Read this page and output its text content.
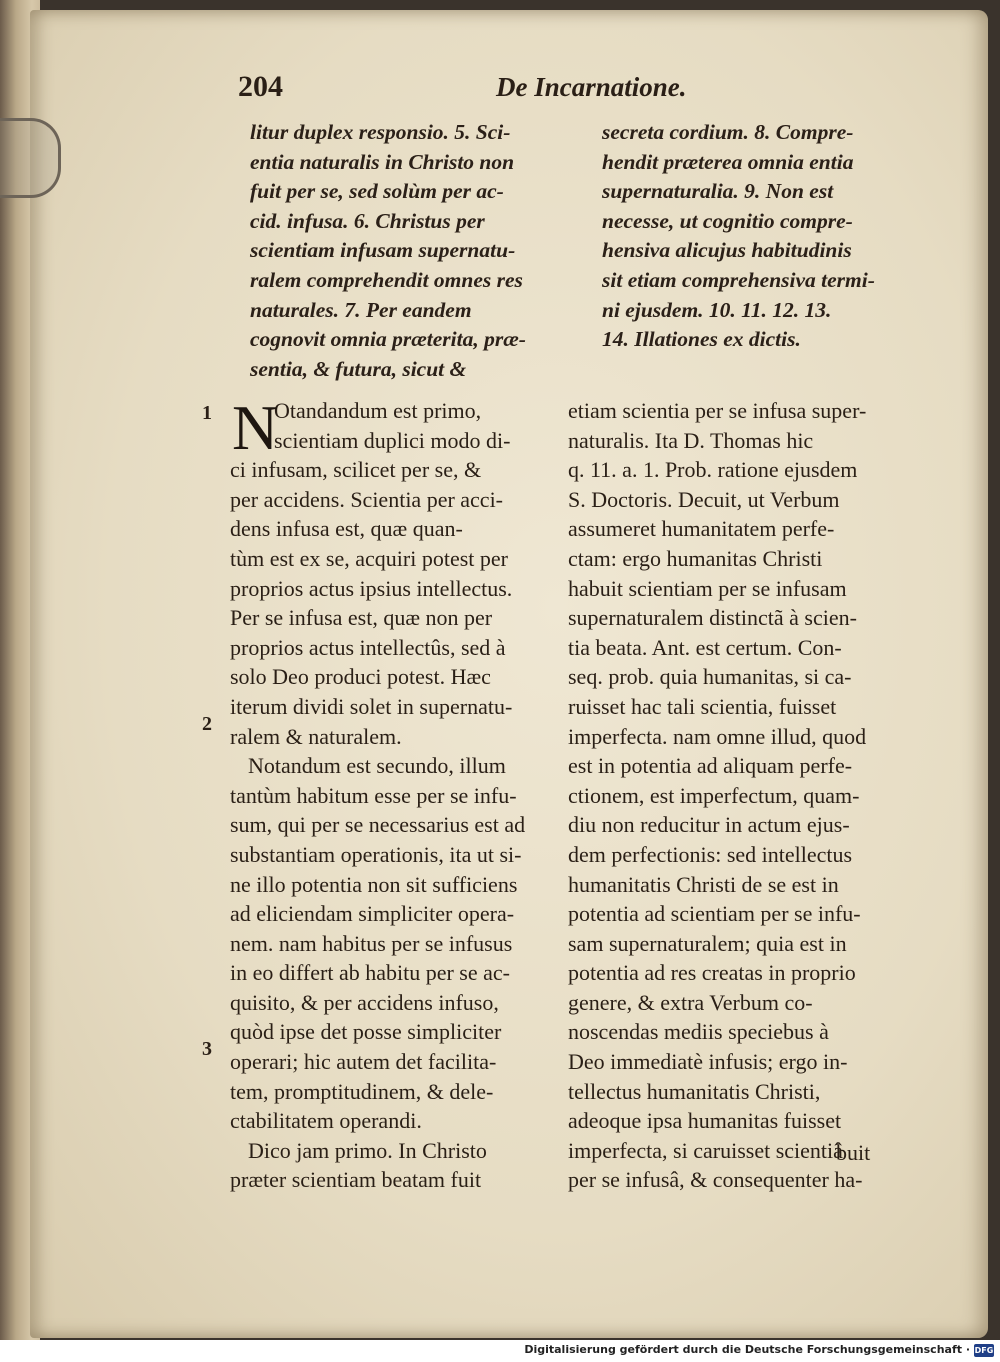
204	De Incarnatione.
litur duplex responsio. 5. Sci-
entia naturalis in Christo non
fuit per se, sed solùm per ac-
cid. infusa. 6. Christus per
scientiam infusam supernatu-
ralem comprehendit omnes res
naturales. 7. Per eandem
cognovit omnia præterita, præ-
sentia, & futura, sicut &
secreta cordium. 8. Compre-
hendit præterea omnia entia
supernaturalia. 9. Non est
necesse, ut cognitio compre-
hensiva alicujus habitudinis
sit etiam comprehensiva termi-
ni ejusdem. 10. 11. 12. 13.
14. Illationes ex dictis.
1
2
3
N
Otandandum est primo,
scientiam duplici modo di-
ci infusam, scilicet per se, &
per accidens. Scientia per acci-
dens infusa est, quæ quan-
tùm est ex se, acquiri potest per
proprios actus ipsius intellectus.
Per se infusa est, quæ non per
proprios actus intellectûs, sed à
solo Deo produci potest. Hæc
iterum dividi solet in supernatu-
ralem & naturalem.
Notandum est secundo, illum
tantùm habitum esse per se infu-
sum, qui per se necessarius est ad
substantiam operationis, ita ut si-
ne illo potentia non sit sufficiens
ad eliciendam simpliciter opera-
nem. nam habitus per se infusus
in eo differt ab habitu per se ac-
quisito, & per accidens infuso,
quòd ipse det posse simpliciter
operari; hic autem det facilita-
tem, promptitudinem, & dele-
ctabilitatem operandi.
Dico jam primo. In Christo
præter scientiam beatam fuit
etiam scientia per se infusa super-
naturalis. Ita D. Thomas hic
q. 11. a. 1. Prob. ratione ejusdem
S. Doctoris. Decuit, ut Verbum
assumeret humanitatem perfe-
ctam: ergo humanitas Christi
habuit scientiam per se infusam
supernaturalem distinctã à scien-
tia beata. Ant. est certum. Con-
seq. prob. quia humanitas, si ca-
ruisset hac tali scientia, fuisset
imperfecta. nam omne illud, quod
est in potentia ad aliquam perfe-
ctionem, est imperfectum, quam-
diu non reducitur in actum ejus-
dem perfectionis: sed intellectus
humanitatis Christi de se est in
potentia ad scientiam per se infu-
sam supernaturalem; quia est in
potentia ad res creatas in proprio
genere, & extra Verbum co-
noscendas mediis speciebus à
Deo immediatè infusis; ergo in-
tellectus humanitatis Christi,
adeoque ipsa humanitas fuisset
imperfecta, si caruisset scientiâ
per se infusâ, & consequenter ha-
buit
Digitalisierung gefördert durch die Deutsche Forschungsgemeinschaft · DFG
